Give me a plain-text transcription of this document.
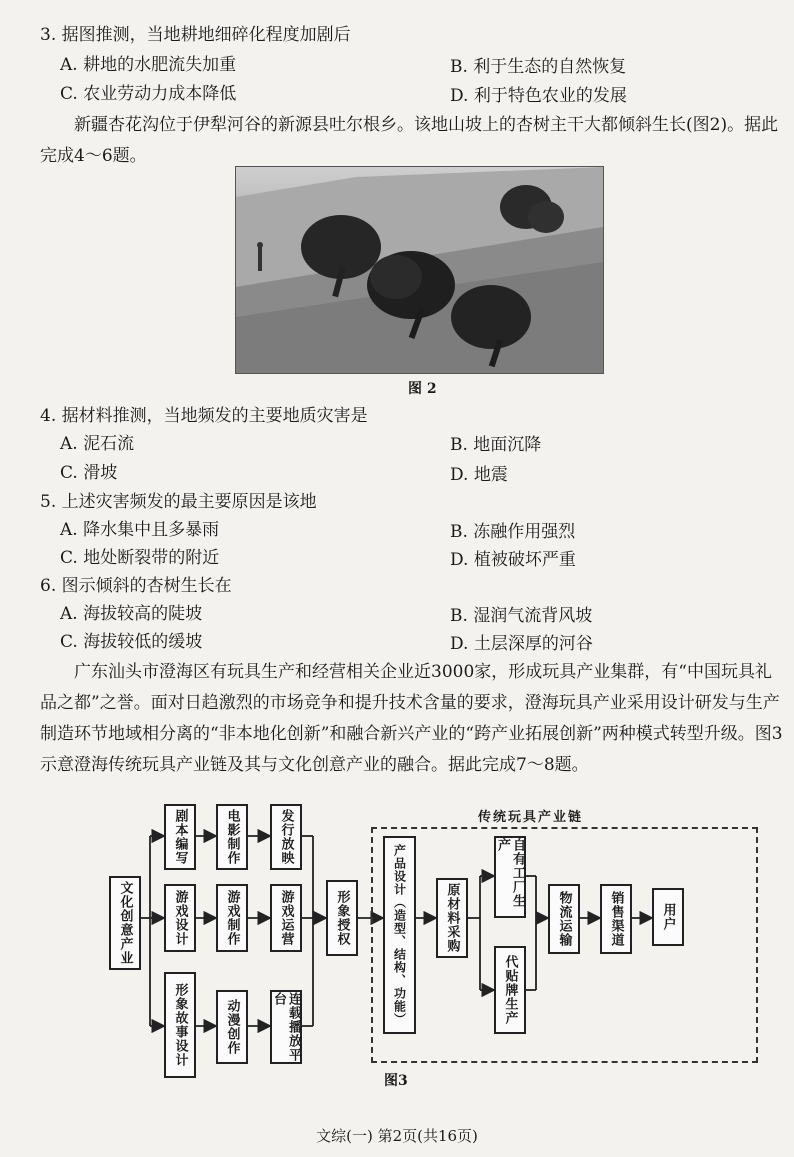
3. 据图推测，当地耕地细碎化程度加剧后
A. 耕地的水肥流失加重	B. 利于生态的自然恢复
C. 农业劳动力成本降低	D. 利于特色农业的发展
新疆杏花沟位于伊犁河谷的新源县吐尔根乡。该地山坡上的杏树主干大都倾斜生长(图2)。据此完成4～6题。
图 2
4. 据材料推测，当地频发的主要地质灾害是
A. 泥石流	B. 地面沉降
C. 滑坡	D. 地震
5. 上述灾害频发的最主要原因是该地
A. 降水集中且多暴雨	B. 冻融作用强烈
C. 地处断裂带的附近	D. 植被破坏严重
6. 图示倾斜的杏树生长在
A. 海拔较高的陡坡	B. 湿润气流背风坡
C. 海拔较低的缓坡	D. 土层深厚的河谷
广东汕头市澄海区有玩具生产和经营相关企业近3000家，形成玩具产业集群，有“中国玩具礼品之都”之誉。面对日趋激烈的市场竞争和提升技术含量的要求，澄海玩具产业采用设计研发与生产制造环节地域相分离的“非本地化创新”和融合新兴产业的“跨产业拓展创新”两种模式转型升级。图3示意澄海传统玩具产业链及其与文化创意产业的融合。据此完成7～8题。
传统玩具产业链
文化创意产业
剧本编写	电影制作	发行放映
游戏设计	游戏制作	游戏运营
形象故事设计	动漫创作	连载播放平台
形象授权	产品设计（造型、结构、功能）	原材料采购
自有工厂生产
代贴牌生产
物流运输	销售渠道	用户
图3
文综(一) 第2页(共16页)
